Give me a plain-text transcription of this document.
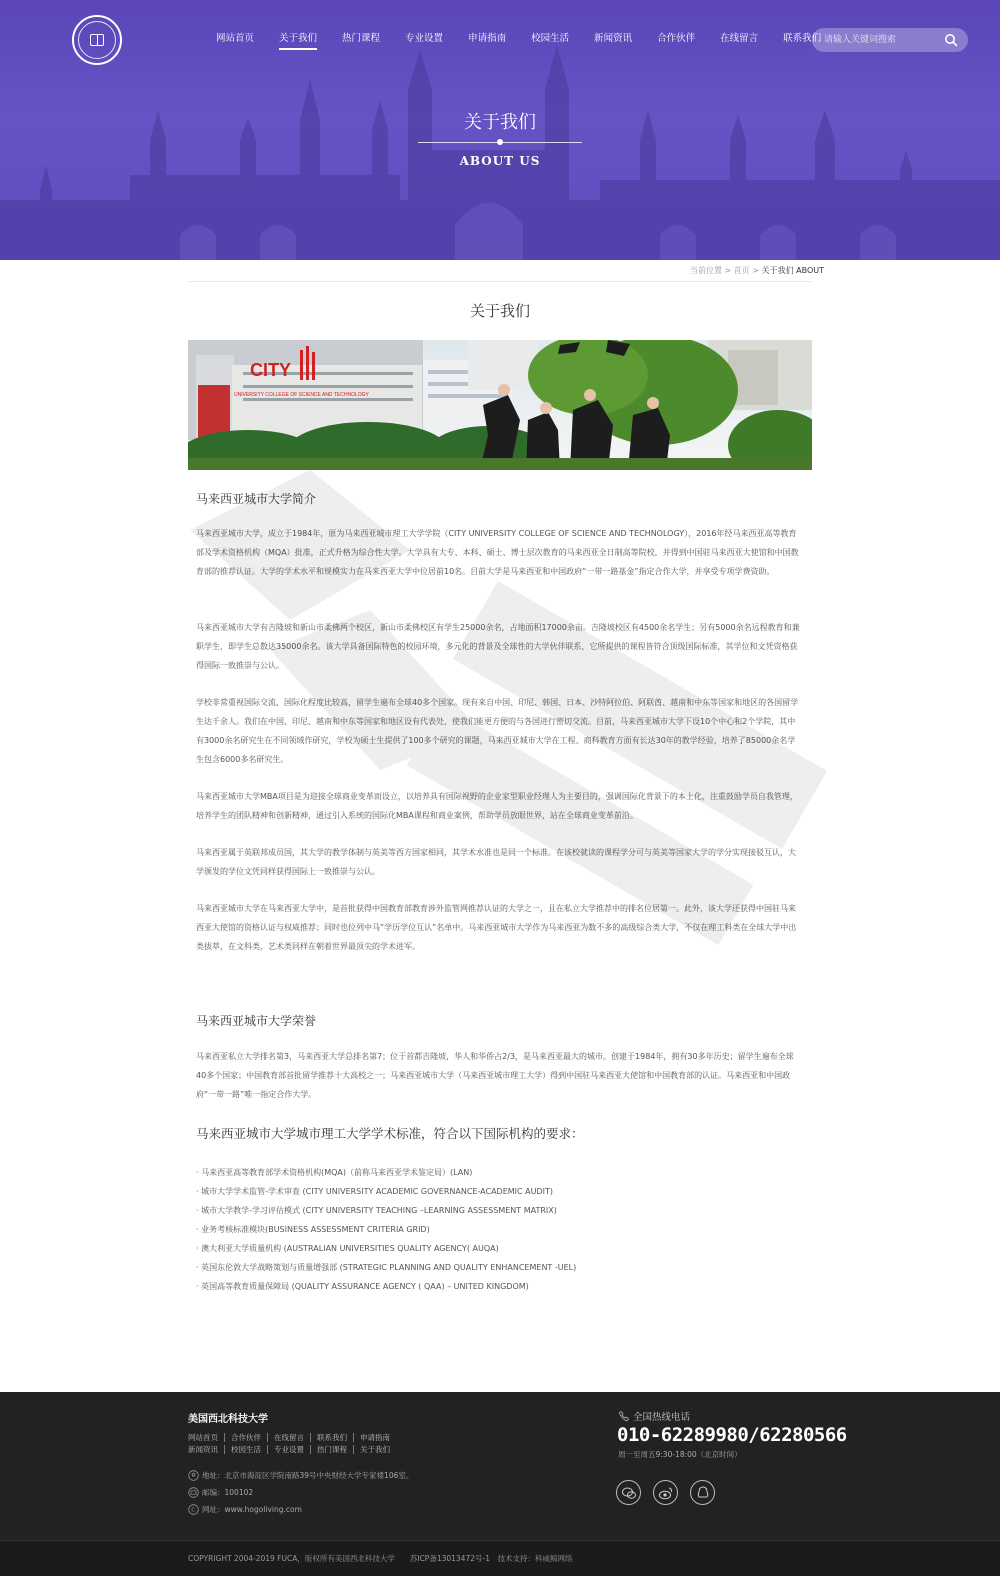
网站首页	关于我们	热门课程	专业设置	申请指南	校园生活	新闻资讯	合作伙伴	在线留言	联系我们
请输入关键词搜索
关于我们
ABOUT US
当前位置 > 首页 > 关于我们 ABOUT
关于我们
CITY
UNIVERSITY COLLEGE OF SCIENCE AND TECHNOLOGY
马来西亚城市大学简介

马来西亚城市大学，成立于1984年，原为马来西亚城市理工大学学院（CITY UNIVERSITY COLLEGE OF SCIENCE AND TECHNOLOGY），2016年经马来西亚高等教育部及学术资格机构（MQA）批准，正式升格为综合性大学。大学具有大专、本科、硕士、博士层次教育的马来西亚全日制高等院校，并得到中国驻马来西亚大使馆和中国教育部的推荐认证。大学的学术水平和规模实力在马来西亚大学中位居前10名。目前大学是马来西亚和中国政府“一带一路基金”指定合作大学，并享受专项学费资助。

马来西亚城市大学有吉隆坡和新山市柔佛两个校区，新山市柔佛校区有学生25000余名，占地面积17000余亩。吉隆坡校区有4500余名学生；另有5000余名远程教育和兼职学生，即学生总数达35000余名。该大学具备国际特色的校园环境，多元化的背景及全球性的大学伙伴联系，它所提供的课程皆符合顶级国际标准，其学位和文凭资格获得国际一致推崇与公认。

学校非常重视国际交流，国际化程度比较高，留学生遍布全球40多个国家。现有来自中国、印尼、韩国、日本、沙特阿拉伯、阿联酋、越南和中东等国家和地区的各国留学生达千余人。我们在中国、印尼、越南和中东等国家和地区设有代表处，使我们能更方便的与各国进行密切交流。目前，马来西亚城市大学下设10个中心和2个学院，其中有3000余名研究生在不同领域作研究，学校为硕士生提供了100多个研究的课题，马来西亚城市大学在工程、商科教育方面有长达30年的教学经验，培养了85000余名学生包含6000多名研究生。

马来西亚城市大学MBA项目是为迎接全球商业变革而设立，以培养具有国际视野的企业家型职业经理人为主要目的，强调国际化背景下的本土化，注重鼓励学员自我管理，培养学生的团队精神和创新精神，通过引入系统的国际化MBA课程和商业案例，帮助学员放眼世界，站在全球商业变革前沿。

马来西亚属于英联邦成员国，其大学的教学体制与英美等西方国家相同，其学术水准也是同一个标准。在该校就读的课程学分可与英美等国家大学的学分实现接驳互认，大学颁发的学位文凭同样获得国际上一致推崇与公认。

马来西亚城市大学在马来西亚大学中，是首批获得中国教育部教育涉外监管网推荐认证的大学之一，且在私立大学推荐中的排名位居第一。此外，该大学还获得中国驻马来西亚大使馆的资格认证与权威推荐；同时也位列中马“学历学位互认”名单中。马来西亚城市大学作为马来西亚为数不多的高级综合类大学，不仅在理工科类在全球大学中出类拔萃，在文科类，艺术类同样在朝着世界最顶尖的学术进军。

马来西亚城市大学荣誉

马来西亚私立大学排名第3，马来西亚大学总排名第7；位于首都吉隆坡，华人和华侨占2/3，是马来西亚最大的城市。创建于1984年，拥有30多年历史；留学生遍布全球40多个国家；中国教育部首批留学推荐十大高校之一；马来西亚城市大学（马来西亚城市理工大学）得到中国驻马来西亚大使馆和中国教育部的认证。马来西亚和中国政府“一带一路”唯一指定合作大学。

马来西亚城市大学城市理工大学学术标准，符合以下国际机构的要求：
· 马来西亚高等教育部学术资格机构(MQA)（前称马来西亚学术鉴定局）(LAN)
· 城市大学学术监管-学术审查 (CITY UNIVERSITY ACADEMIC GOVERNANCE-ACADEMIC AUDIT)
· 城市大学教学-学习评估模式 (CITY UNIVERSITY TEACHING –LEARNING ASSESSMENT MATRIX)
· 业务考核标准模块(BUSINESS ASSESSMENT CRITERIA GRID)
· 澳大利亚大学质量机构 (AUSTRALIAN UNIVERSITIES QUALITY AGENCY( AUQA)
· 英国东伦敦大学战略策划与质量增强部 (STRATEGIC PLANNING AND QUALITY ENHANCEMENT -UEL)
· 英国高等教育质量保障局 (QUALITY ASSURANCE AGENCY ( QAA) – UNITED KINGDOM)
美国西北科技大学
网站首页	合作伙伴	在线留言	联系我们	申请指南
新闻资讯	校园生活	专业设置	热门课程	关于我们
地址：北京市海淀区学院南路39号中央财经大学专家楼106室。
邮编：100102
C 网址：www.hogoliving.com
全国热线电话
010-62289980/62280566
周一至周五9:30-18:00（北京时间）
COPYRIGHT 2004-2019 FUCA，版权所有美国西北科技大学　　苏ICP备13013472号-1　技术支持：科威鲸网络
